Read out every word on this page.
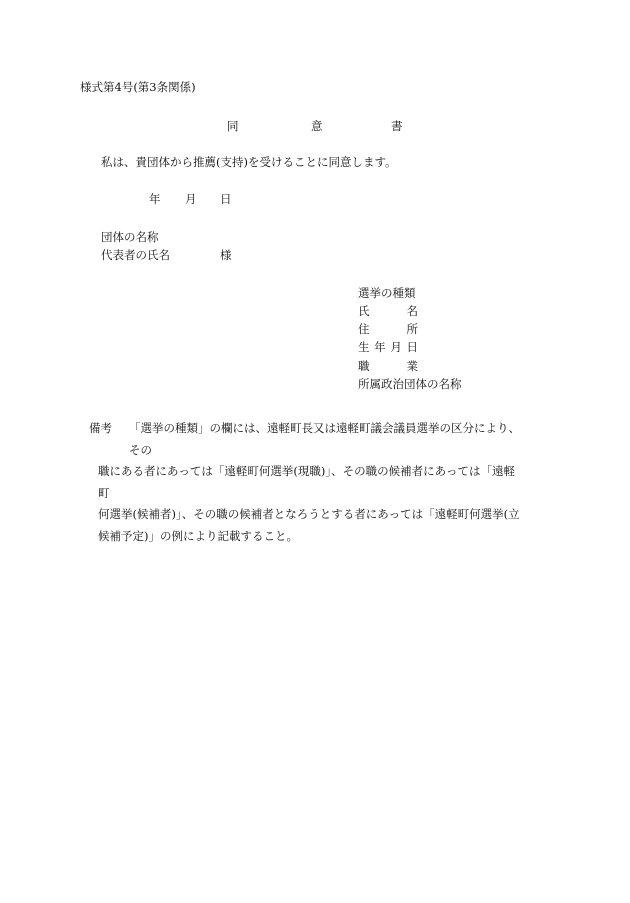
様式第4号(第3条関係)
同	意	書
私は、貴団体から推薦(支持)を受けることに同意します。
年 月 日
団体の名称
代表者の氏名	様
選挙の種類
氏	名
住	所
生 年 月 日
職	業
所属政治団体の名称
備考 「選挙の種類」の欄には、遠軽町長又は遠軽町議会議員選挙の区分により、その
職にある者にあっては「遠軽町何選挙(現職)」、その職の候補者にあっては「遠軽町
何選挙(候補者)」、その職の候補者となろうとする者にあっては「遠軽町何選挙(立
候補予定)」の例により記載すること。
